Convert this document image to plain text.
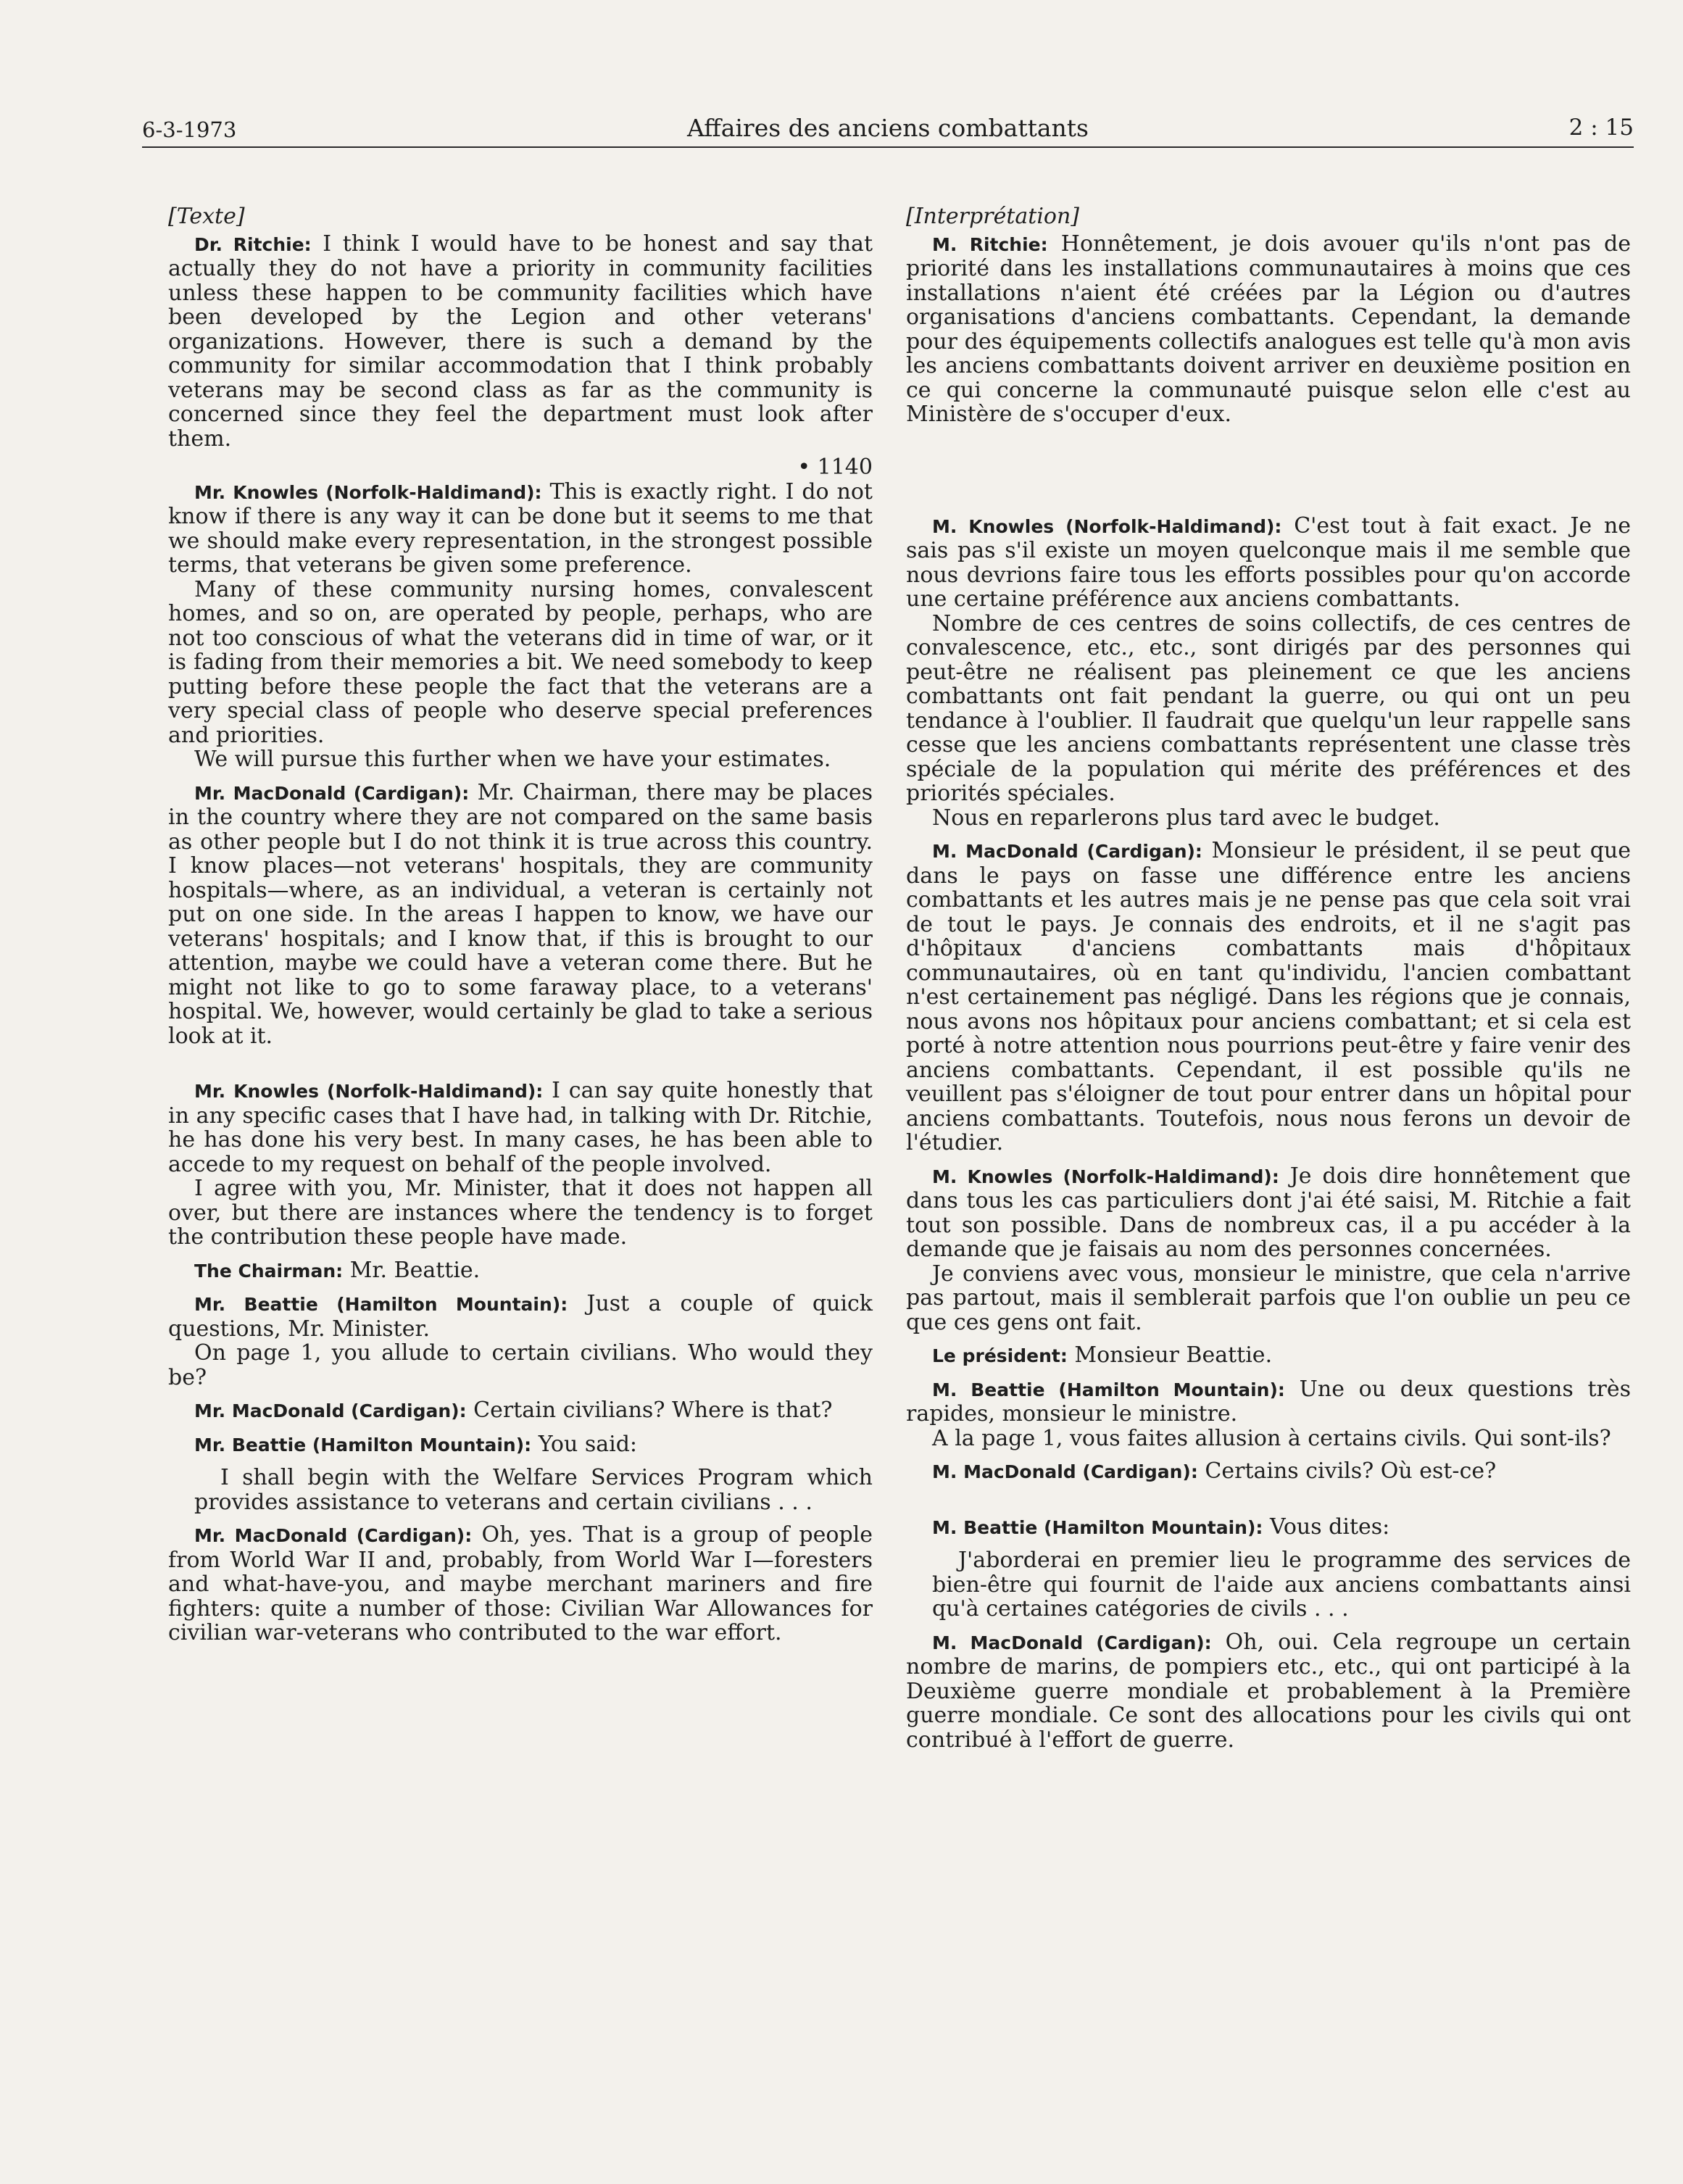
6-3-1973	Affaires des anciens combattants	2 : 15

[Texte]

Dr. Ritchie: I think I would have to be honest and say that actually they do not have a priority in community facilities unless these happen to be community facilities which have been developed by the Legion and other veterans' organizations. However, there is such a demand by the community for similar accommodation that I think probably veterans may be second class as far as the community is concerned since they feel the department must look after them.

• 1140

Mr. Knowles (Norfolk-Haldimand): This is exactly right. I do not know if there is any way it can be done but it seems to me that we should make every representation, in the strongest possible terms, that veterans be given some preference.

Many of these community nursing homes, convalescent homes, and so on, are operated by people, perhaps, who are not too conscious of what the veterans did in time of war, or it is fading from their memories a bit. We need somebody to keep putting before these people the fact that the veterans are a very special class of people who deserve special preferences and priorities.

We will pursue this further when we have your estimates.

Mr. MacDonald (Cardigan): Mr. Chairman, there may be places in the country where they are not compared on the same basis as other people but I do not think it is true across this country. I know places—not veterans' hospitals, they are community hospitals—where, as an individual, a veteran is certainly not put on one side. In the areas I happen to know, we have our veterans' hospitals; and I know that, if this is brought to our attention, maybe we could have a veteran come there. But he might not like to go to some faraway place, to a veterans' hospital. We, however, would certainly be glad to take a serious look at it.

Mr. Knowles (Norfolk-Haldimand): I can say quite honestly that in any specific cases that I have had, in talking with Dr. Ritchie, he has done his very best. In many cases, he has been able to accede to my request on behalf of the people involved.

I agree with you, Mr. Minister, that it does not happen all over, but there are instances where the tendency is to forget the contribution these people have made.

The Chairman: Mr. Beattie.

Mr. Beattie (Hamilton Mountain): Just a couple of quick questions, Mr. Minister.

On page 1, you allude to certain civilians. Who would they be?

Mr. MacDonald (Cardigan): Certain civilians? Where is that?

Mr. Beattie (Hamilton Mountain): You said:

I shall begin with the Welfare Services Program which provides assistance to veterans and certain civilians . . .

Mr. MacDonald (Cardigan): Oh, yes. That is a group of people from World War II and, probably, from World War I—foresters and what-have-you, and maybe merchant mariners and fire fighters: quite a number of those: Civilian War Allowances for civilian war-veterans who contributed to the war effort.

[Interprétation]

M. Ritchie: Honnêtement, je dois avouer qu'ils n'ont pas de priorité dans les installations communautaires à moins que ces installations n'aient été créées par la Légion ou d'autres organisations d'anciens combattants. Cependant, la demande pour des équipements collectifs analogues est telle qu'à mon avis les anciens combattants doivent arriver en deuxième position en ce qui concerne la communauté puisque selon elle c'est au Ministère de s'occuper d'eux.

M. Knowles (Norfolk-Haldimand): C'est tout à fait exact. Je ne sais pas s'il existe un moyen quelconque mais il me semble que nous devrions faire tous les efforts possibles pour qu'on accorde une certaine préférence aux anciens combattants.

Nombre de ces centres de soins collectifs, de ces centres de convalescence, etc., etc., sont dirigés par des personnes qui peut-être ne réalisent pas pleinement ce que les anciens combattants ont fait pendant la guerre, ou qui ont un peu tendance à l'oublier. Il faudrait que quelqu'un leur rappelle sans cesse que les anciens combattants représentent une classe très spéciale de la population qui mérite des préférences et des priorités spéciales.

Nous en reparlerons plus tard avec le budget.

M. MacDonald (Cardigan): Monsieur le président, il se peut que dans le pays on fasse une différence entre les anciens combattants et les autres mais je ne pense pas que cela soit vrai de tout le pays. Je connais des endroits, et il ne s'agit pas d'hôpitaux d'anciens combattants mais d'hôpitaux communautaires, où en tant qu'individu, l'ancien combattant n'est certainement pas négligé. Dans les régions que je connais, nous avons nos hôpitaux pour anciens combattant; et si cela est porté à notre attention nous pourrions peut-être y faire venir des anciens combattants. Cependant, il est possible qu'ils ne veuillent pas s'éloigner de tout pour entrer dans un hôpital pour anciens combattants. Toutefois, nous nous ferons un devoir de l'étudier.

M. Knowles (Norfolk-Haldimand): Je dois dire honnêtement que dans tous les cas particuliers dont j'ai été saisi, M. Ritchie a fait tout son possible. Dans de nombreux cas, il a pu accéder à la demande que je faisais au nom des personnes concernées.

Je conviens avec vous, monsieur le ministre, que cela n'arrive pas partout, mais il semblerait parfois que l'on oublie un peu ce que ces gens ont fait.

Le président: Monsieur Beattie.

M. Beattie (Hamilton Mountain): Une ou deux questions très rapides, monsieur le ministre.

A la page 1, vous faites allusion à certains civils. Qui sont-ils?

M. MacDonald (Cardigan): Certains civils? Où est-ce?

M. Beattie (Hamilton Mountain): Vous dites:

J'aborderai en premier lieu le programme des services de bien-être qui fournit de l'aide aux anciens combattants ainsi qu'à certaines catégories de civils . . .

M. MacDonald (Cardigan): Oh, oui. Cela regroupe un certain nombre de marins, de pompiers etc., etc., qui ont participé à la Deuxième guerre mondiale et probablement à la Première guerre mondiale. Ce sont des allocations pour les civils qui ont contribué à l'effort de guerre.
